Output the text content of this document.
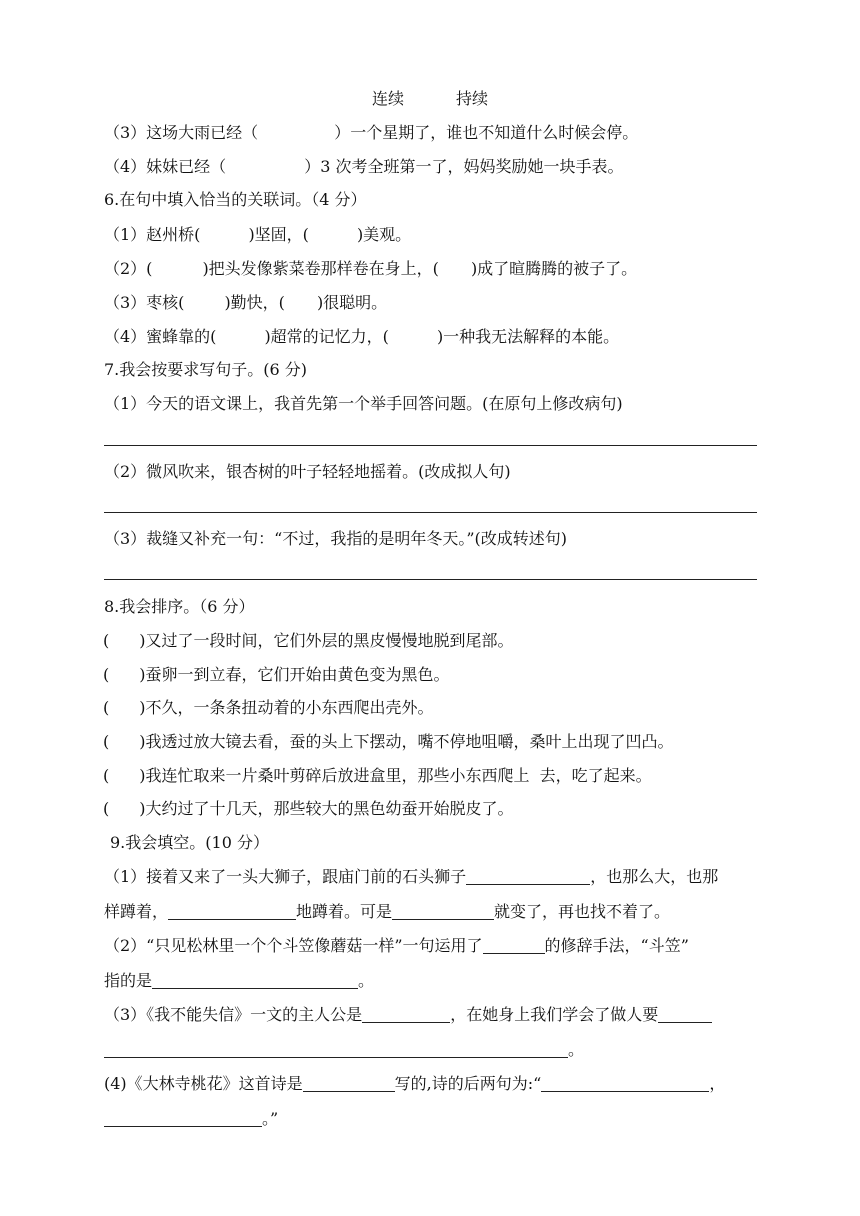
连续	持续
（3）这场大雨已经（	）一个星期了，谁也不知道什么时候会停。
（4）妹妹已经（	）3 次考全班第一了，妈妈奖励她一块手表。
6.在句中填入恰当的关联词。（4 分）
（1）赵州桥(	)坚固，(	)美观。
（2）(	)把头发像紫菜卷那样卷在身上，( )成了暄腾腾的被子了。
（3）枣核(	)勤快，( )很聪明。
（4）蜜蜂靠的(	)超常的记忆力，(	)一种我无法解释的本能。
7.我会按要求写句子。(6 分)
（1）今天的语文课上，我首先第一个举手回答问题。(在原句上修改病句)
（2）微风吹来，银杏树的叶子轻轻地摇着。(改成拟人句)
（3）裁缝又补充一句：“不过，我指的是明年冬天。”(改成转述句)
8.我会排序。（6 分）
( )又过了一段时间，它们外层的黑皮慢慢地脱到尾部。
( )蚕卵一到立春，它们开始由黄色变为黑色。
( )不久，一条条扭动着的小东西爬出壳外。
( )我透过放大镜去看，蚕的头上下摆动，嘴不停地咀嚼，桑叶上出现了凹凸。
( )我连忙取来一片桑叶剪碎后放进盒里，那些小东西爬上  去，吃了起来。
( )大约过了十几天，那些较大的黑色幼蚕开始脱皮了。
9.我会填空。(10 分）
（1）接着又来了一头大狮子，跟庙门前的石头狮子	，也那么大，也那
样蹲着，	地蹲着。可是	就变了，再也找不着了。
（2）“只见松林里一个个斗笠像蘑菇一样”一句运用了	的修辞手法，“斗笠”
指的是	。
（3）《我不能失信》一文的主人公是	，在她身上我们学会了做人要
。
(4)《大林寺桃花》这首诗是	写的,诗的后两句为:“	，
。”
